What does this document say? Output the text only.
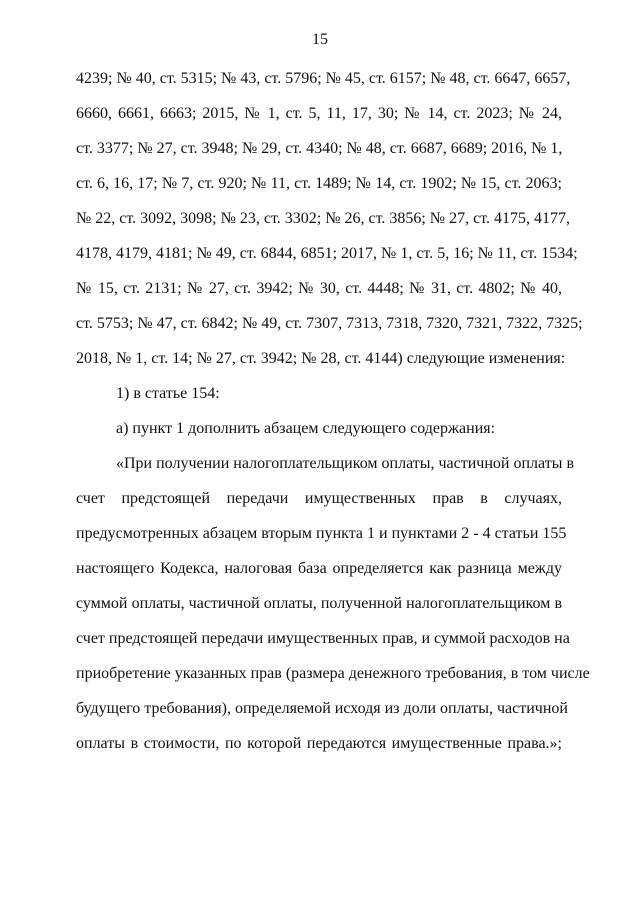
15
4239; № 40, ст. 5315; № 43, ст. 5796; № 45, ст. 6157; № 48, ст. 6647, 6657,
6660, 6661, 6663; 2015, № 1, ст. 5, 11, 17, 30; № 14, ст. 2023; № 24,
ст. 3377; № 27, ст. 3948; № 29, ст. 4340; № 48, ст. 6687, 6689; 2016, № 1,
ст. 6, 16, 17; № 7, ст. 920; № 11, ст. 1489; № 14, ст. 1902; № 15, ст. 2063;
№ 22, ст. 3092, 3098; № 23, ст. 3302; № 26, ст. 3856; № 27, ст. 4175, 4177,
4178, 4179, 4181; № 49, ст. 6844, 6851; 2017, № 1, ст. 5, 16; № 11, ст. 1534;
№ 15, ст. 2131; № 27, ст. 3942; № 30, ст. 4448; № 31, ст. 4802; № 40,
ст. 5753; № 47, ст. 6842; № 49, ст. 7307, 7313, 7318, 7320, 7321, 7322, 7325;
2018, № 1, ст. 14; № 27, ст. 3942; № 28, ст. 4144) следующие изменения:
1) в статье 154:
а) пункт 1 дополнить абзацем следующего содержания:
«При получении налогоплательщиком оплаты, частичной оплаты в
счет предстоящей передачи имущественных прав в случаях,
предусмотренных абзацем вторым пункта 1 и пунктами 2 - 4 статьи 155
настоящего Кодекса, налоговая база определяется как разница между
суммой оплаты, частичной оплаты, полученной налогоплательщиком в
счет предстоящей передачи имущественных прав, и суммой расходов на
приобретение указанных прав (размера денежного требования, в том числе
будущего требования), определяемой исходя из доли оплаты, частичной
оплаты в стоимости, по которой передаются имущественные права.»;
